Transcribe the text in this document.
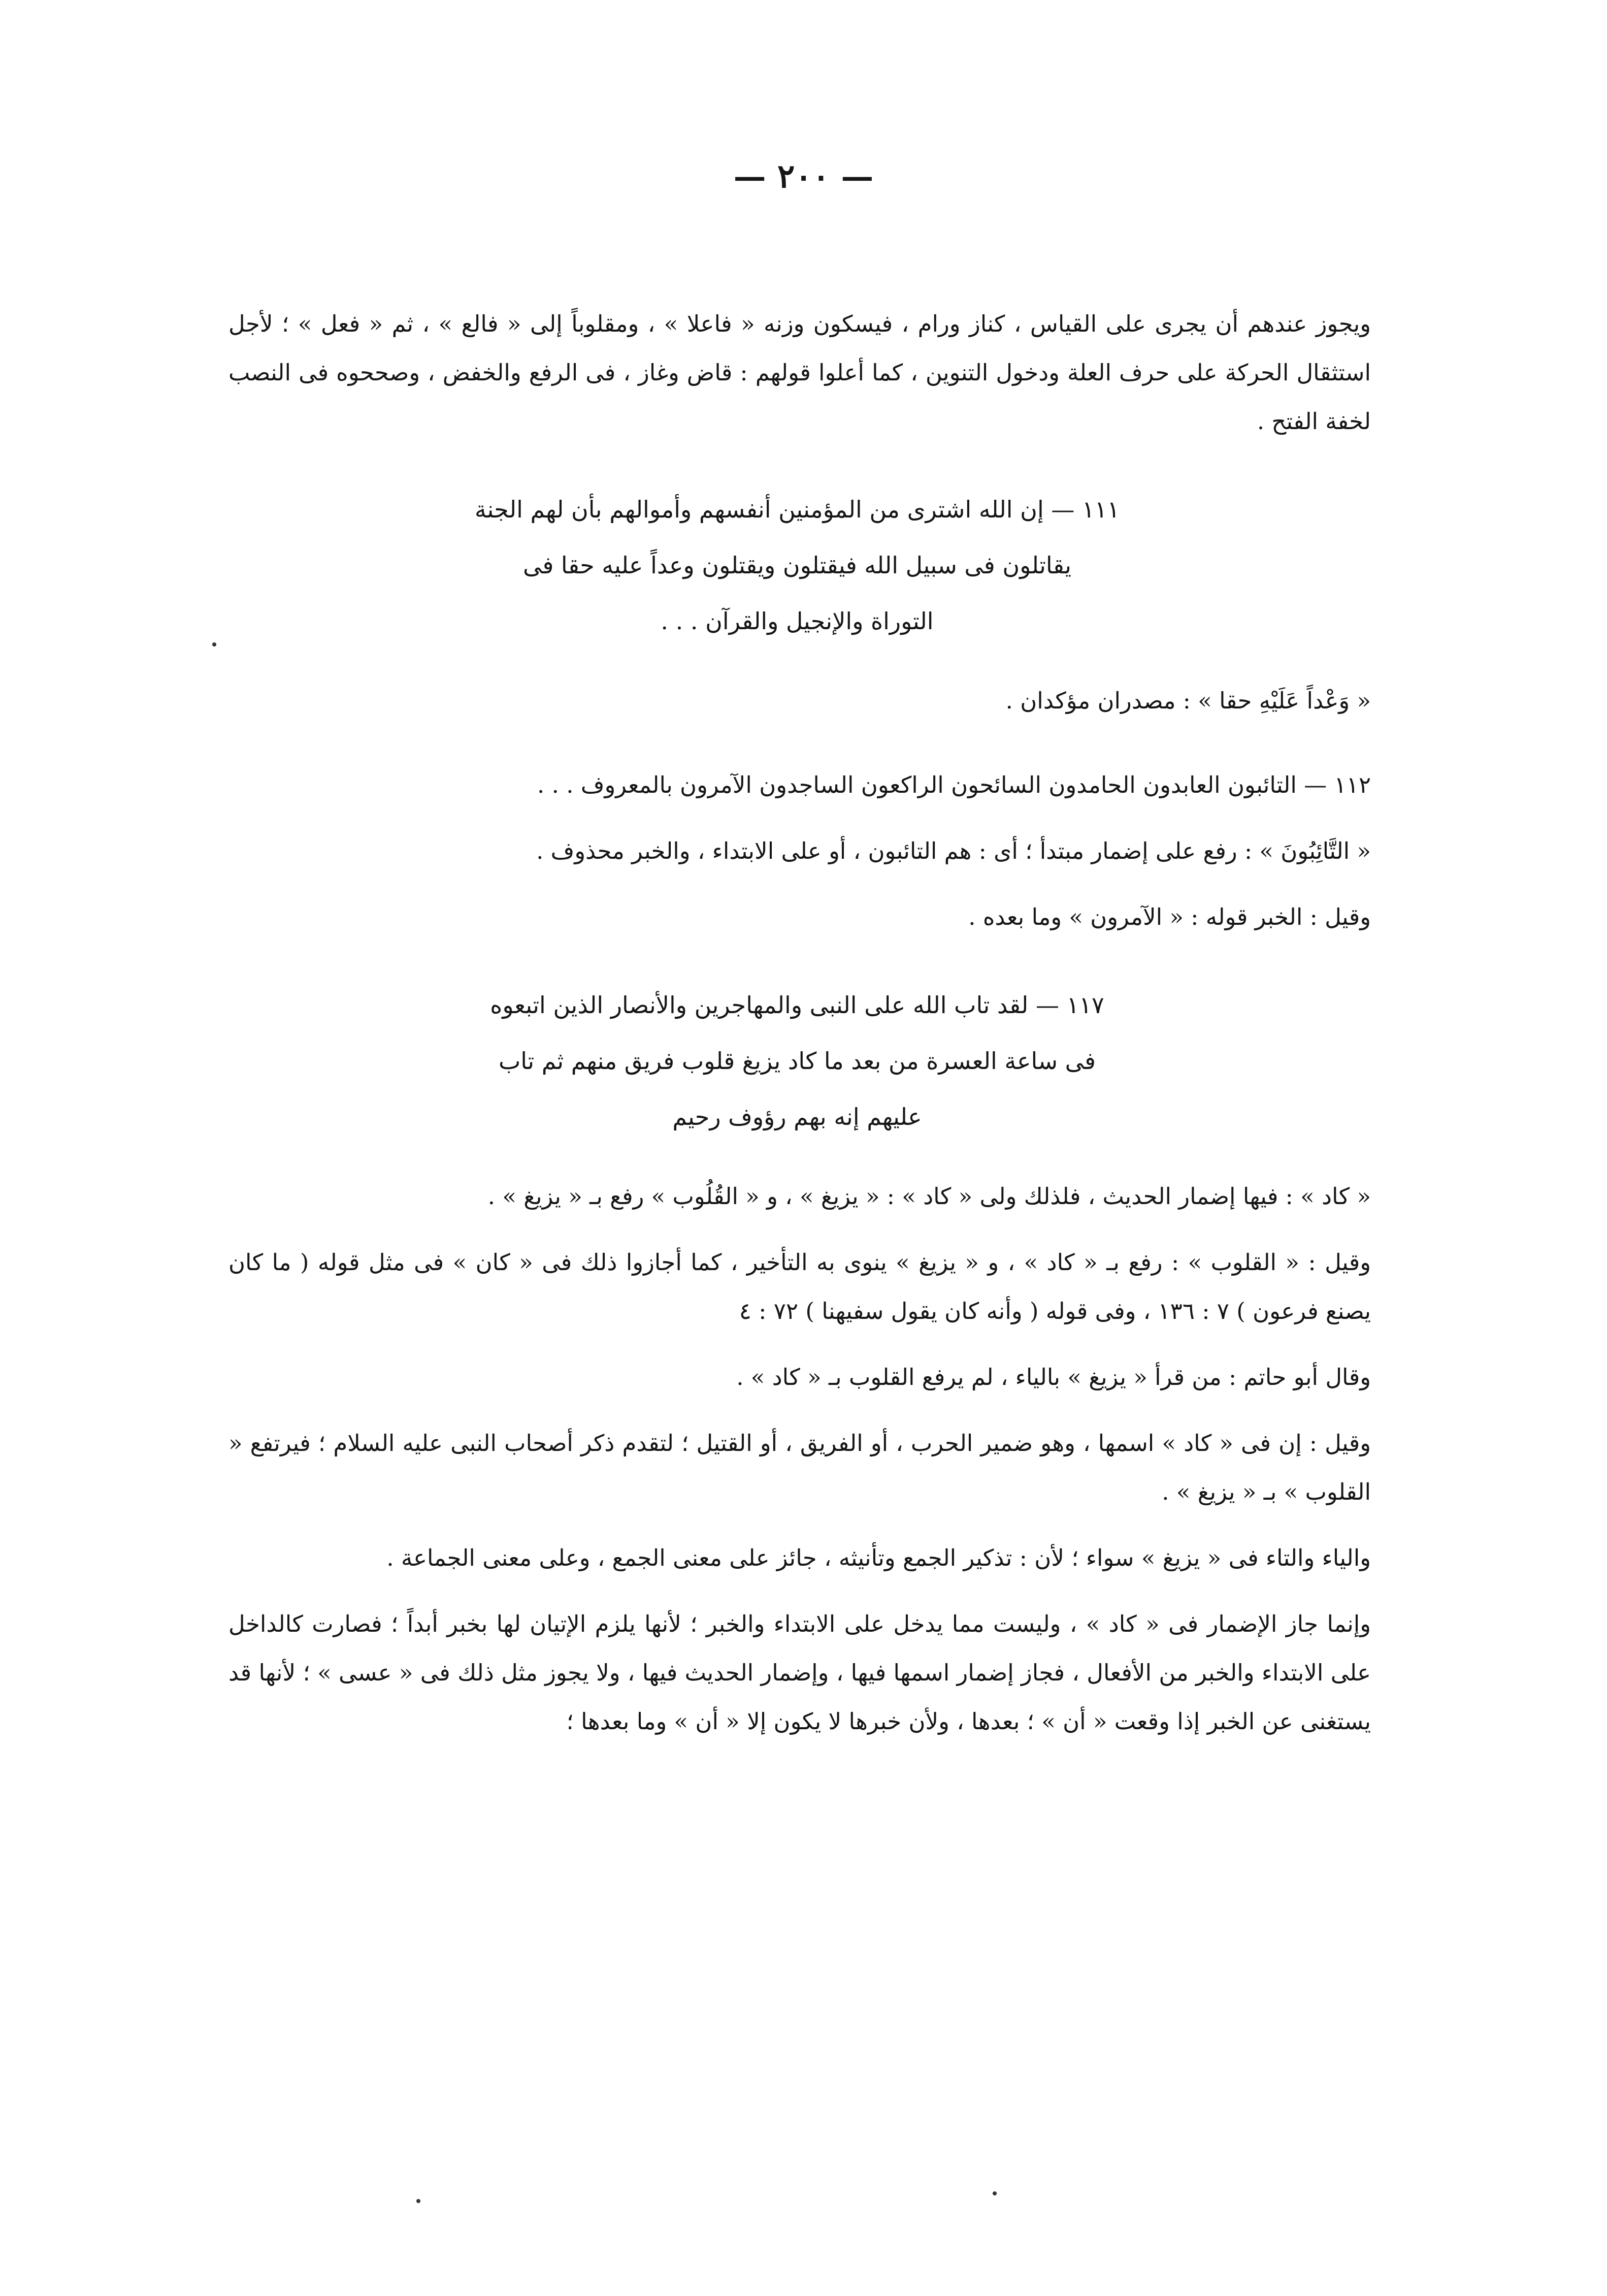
— ٢٠٠ —
ويجوز عندهم أن يجرى على القياس ، كناز ورام ، فيسكون وزنه « فاعلا » ، ومقلوباً إلى « فالع » ، ثم « فعل » ؛ لأجل استثقال الحركة على حرف العلة ودخول التنوين ، كما أعلوا قولهم : قاض وغاز ، فى الرفع والخفض ، وصححوه فى النصب لخفة الفتح .
١١١ — إن الله اشترى من المؤمنين أنفسهم وأموالهم بأن لهم الجنة
يقاتلون فى سبيل الله فيقتلون ويقتلون وعداً عليه حقا فى
التوراة والإنجيل والقرآن . . .
« وَعْداً عَلَيْهِ حقا » : مصدران مؤكدان .
١١٢ — التائبون العابدون الحامدون السائحون الراكعون الساجدون الآمرون بالمعروف . . .
« التَّائِبُونَ » : رفع على إضمار مبتدأ ؛ أى : هم التائبون ، أو على الابتداء ، والخبر محذوف .
وقيل : الخبر قوله : « الآمرون » وما بعده .
١١٧ — لقد تاب الله على النبى والمهاجرين والأنصار الذين اتبعوه
فى ساعة العسرة من بعد ما كاد يزيغ قلوب فريق منهم ثم تاب
عليهم إنه بهم رؤوف رحيم
« كاد » : فيها إضمار الحديث ، فلذلك ولى « كاد » : « يزيغ » ، و « القُلُوب » رفع بـ « يزيغ » .
وقيل : « القلوب » : رفع بـ « كاد » ، و « يزيغ » ينوى به التأخير ، كما أجازوا ذلك فى « كان » فى مثل قوله ( ما كان يصنع فرعون ) ٧ : ١٣٦ ، وفى قوله ( وأنه كان يقول سفيهنا ) ٧٢ : ٤
وقال أبو حاتم : من قرأ « يزيغ » بالياء ، لم يرفع القلوب بـ « كاد » .
وقيل : إن فى « كاد » اسمها ، وهو ضمير الحرب ، أو الفريق ، أو القتيل ؛ لتقدم ذكر أصحاب النبى عليه السلام ؛ فيرتفع « القلوب » بـ « يزيغ » .
والياء والتاء فى « يزيغ » سواء ؛ لأن : تذكير الجمع وتأنيثه ، جائز على معنى الجمع ، وعلى معنى الجماعة .
وإنما جاز الإضمار فى « كاد » ، وليست مما يدخل على الابتداء والخبر ؛ لأنها يلزم الإتيان لها بخبر أبداً ؛ فصارت كالداخل على الابتداء والخبر من الأفعال ، فجاز إضمار اسمها فيها ، وإضمار الحديث فيها ، ولا يجوز مثل ذلك فى « عسى » ؛ لأنها قد يستغنى عن الخبر إذا وقعت « أن » ؛ بعدها ، ولأن خبرها لا يكون إلا « أن » وما بعدها ؛
